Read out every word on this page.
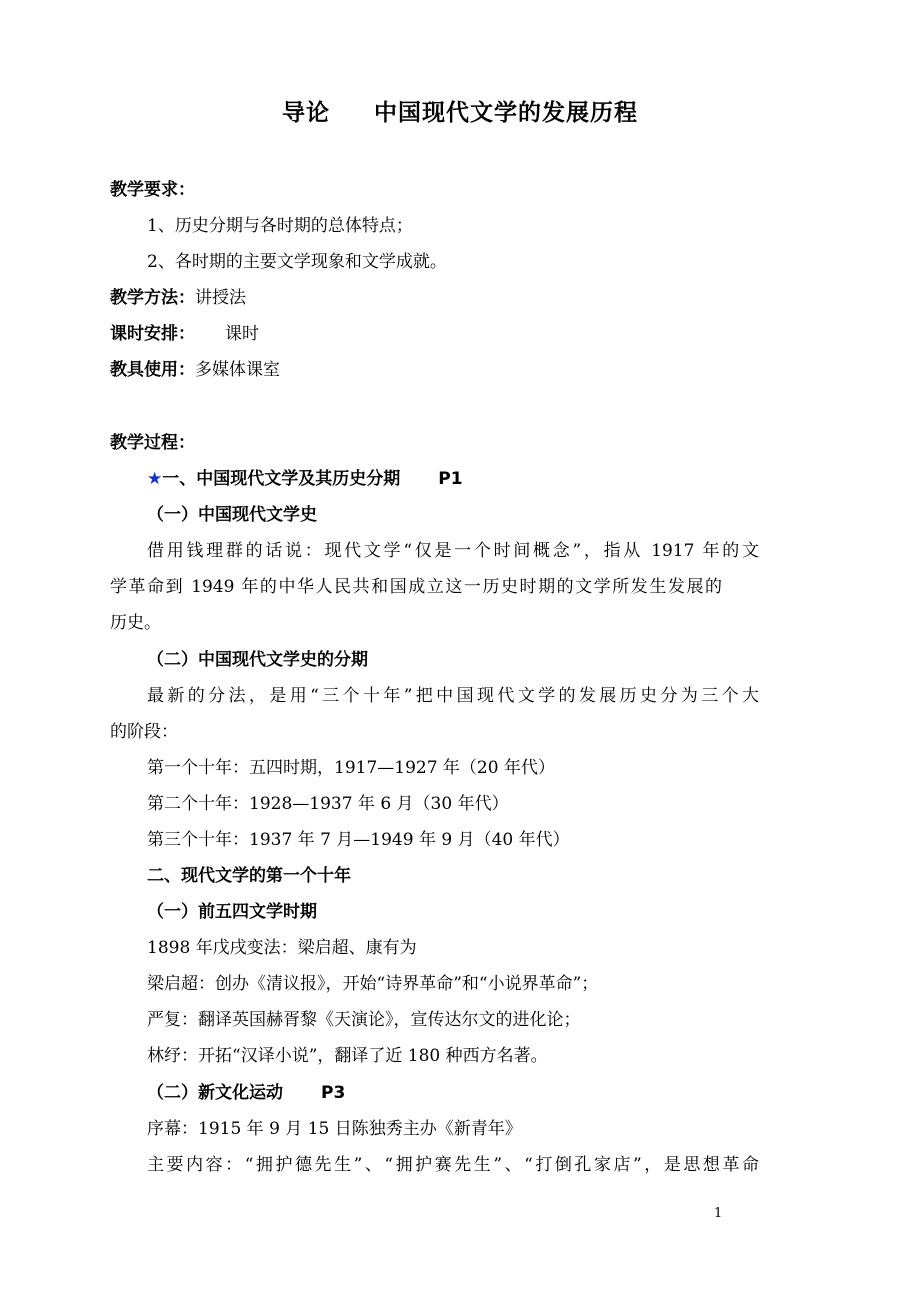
导论 中国现代文学的发展历程
教学要求：
1、历史分期与各时期的总体特点；
2、各时期的主要文学现象和文学成就。
教学方法：讲授法
课时安排： 课时
教具使用：多媒体课室
教学过程：
★一、中国现代文学及其历史分期 P1
（一）中国现代文学史
借用钱理群的话说：现代文学“仅是一个时间概念”，指从 1917 年的文
学革命到 1949 年的中华人民共和国成立这一历史时期的文学所发生发展的
历史。
（二）中国现代文学史的分期
最新的分法，是用“三个十年”把中国现代文学的发展历史分为三个大
的阶段：
第一个十年：五四时期，1917—1927 年（20 年代）
第二个十年：1928—1937 年 6 月（30 年代）
第三个十年：1937 年 7 月—1949 年 9 月（40 年代）
二、现代文学的第一个十年
（一）前五四文学时期
1898 年戊戌变法：梁启超、康有为
梁启超：创办《清议报》，开始“诗界革命”和“小说界革命”；
严复：翻译英国赫胥黎《天演论》，宣传达尔文的进化论；
林纾：开拓“汉译小说”，翻译了近 180 种西方名著。
（二）新文化运动 P3
序幕：1915 年 9 月 15 日陈独秀主办《新青年》
主要内容：“拥护德先生”、“拥护赛先生”、“打倒孔家店”，是思想革命
1
